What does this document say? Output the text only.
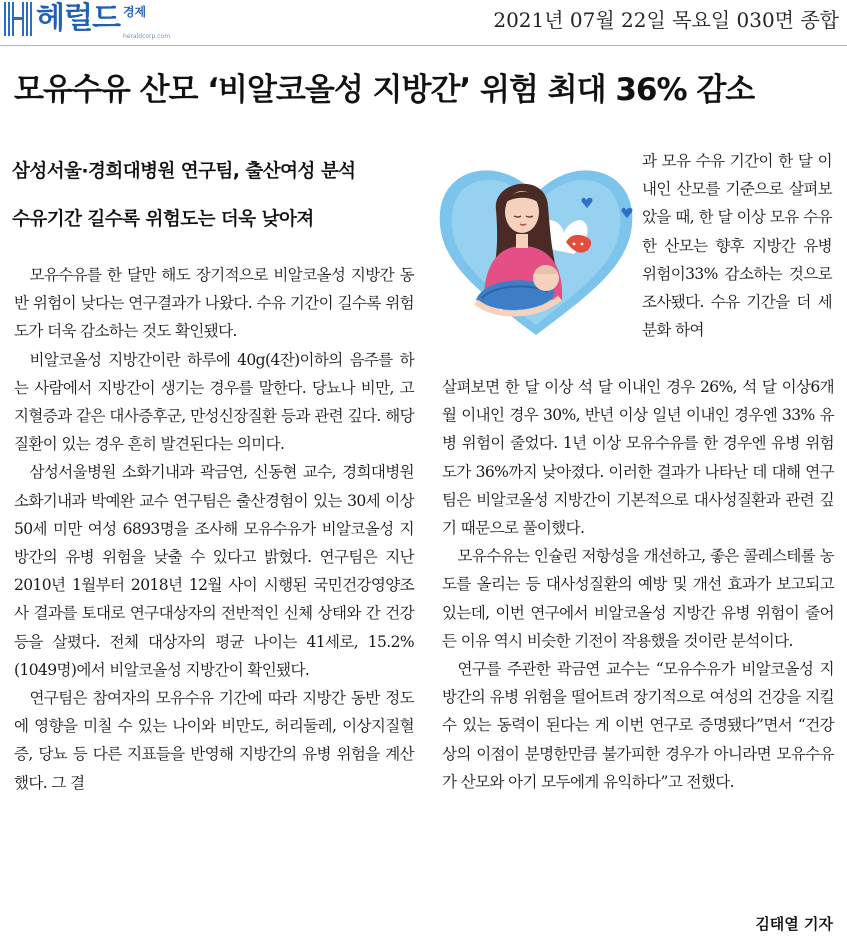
헤럴드 경제
heraldcorp.com
2021년 07월 22일 목요일 030면 종합
모유수유 산모 ‘비알코올성 지방간’ 위험 최대 36% 감소
삼성서울·경희대병원 연구팀, 출산여성 분석
수유기간 길수록 위험도는 더욱 낮아져

모유수유를 한 달만 해도 장기적으로 비알코올성 지방간 동반 위험이 낮다는 연구결과가 나왔다. 수유 기간이 길수록 위험도가 더욱 감소하는 것도 확인됐다.

비알코올성 지방간이란 하루에 40g(4잔)이하의 음주를 하는 사람에서 지방간이 생기는 경우를 말한다. 당뇨나 비만, 고지혈증과 같은 대사증후군, 만성신장질환 등과 관련 깊다. 해당 질환이 있는 경우 흔히 발견된다는 의미다.

삼성서울병원 소화기내과 곽금연, 신동현 교수, 경희대병원 소화기내과 박예완 교수 연구팀은 출산경험이 있는 30세 이상 50세 미만 여성 6893명을 조사해 모유수유가 비알코올성 지방간의 유병 위험을 낮출 수 있다고 밝혔다. 연구팀은 지난 2010년 1월부터 2018년 12월 사이 시행된 국민건강영양조사 결과를 토대로 연구대상자의 전반적인 신체 상태와 간 건강 등을 살폈다. 전체 대상자의 평균 나이는 41세로, 15.2%(1049명)에서 비알코올성 지방간이 확인됐다.

연구팀은 참여자의 모유수유 기간에 따라 지방간 동반 정도에 영향을 미칠 수 있는 나이와 비만도, 허리둘레, 이상지질혈증, 당뇨 등 다른 지표들을 반영해 지방간의 유병 위험을 계산했다. 그 결

과 모유 수유 기간이 한 달 이내인 산모를 기준으로 살펴보았을 때, 한 달 이상 모유 수유한 산모는 향후 지방간 유병 위험이33% 감소하는 것으로 조사됐다. 수유 기간을 더 세분화 하여

살펴보면 한 달 이상 석 달 이내인 경우 26%, 석 달 이상6개월 이내인 경우 30%, 반년 이상 일년 이내인 경우엔 33% 유병 위험이 줄었다. 1년 이상 모유수유를 한 경우엔 유병 위험도가 36%까지 낮아졌다. 이러한 결과가 나타난 데 대해 연구팀은 비알코올성 지방간이 기본적으로 대사성질환과 관련 깊기 때문으로 풀이했다.

모유수유는 인슐린 저항성을 개선하고, 좋은 콜레스테롤 농도를 올리는 등 대사성질환의 예방 및 개선 효과가 보고되고 있는데, 이번 연구에서 비알코올성 지방간 유병 위험이 줄어든 이유 역시 비슷한 기전이 작용했을 것이란 분석이다.

연구를 주관한 곽금연 교수는 “모유수유가 비알코올성 지방간의 유병 위험을 떨어트려 장기적으로 여성의 건강을 지킬 수 있는 동력이 된다는 게 이번 연구로 증명됐다”면서 “건강상의 이점이 분명한만큼 불가피한 경우가 아니라면 모유수유가 산모와 아기 모두에게 유익하다”고 전했다.

김태열 기자
